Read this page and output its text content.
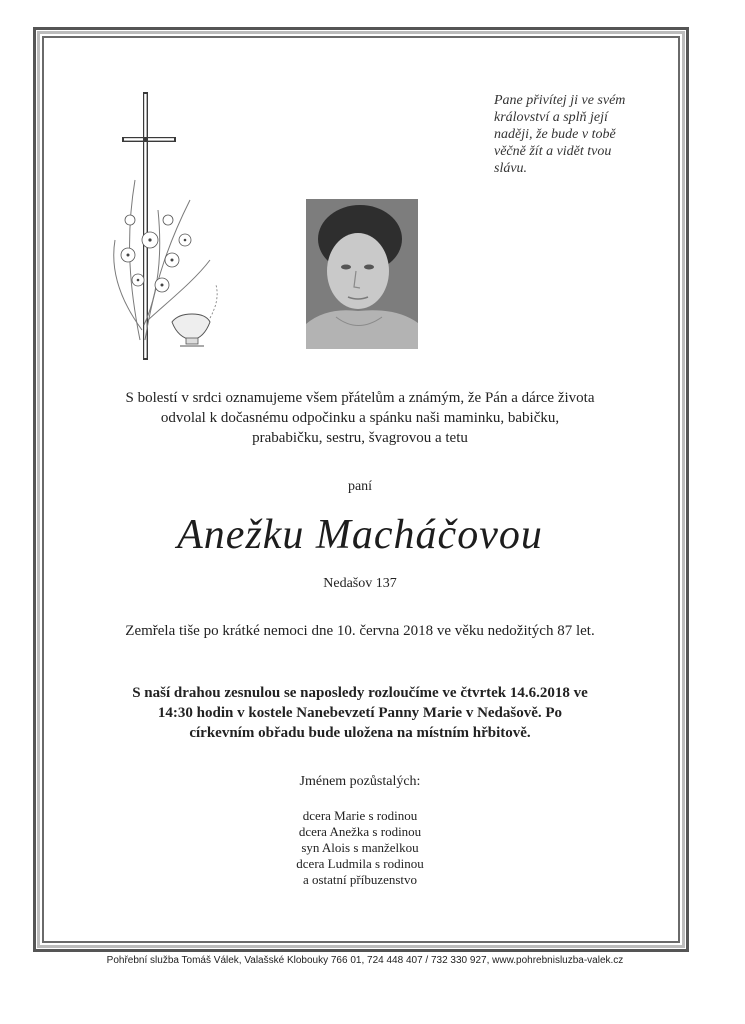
Pane přivítej ji ve svém
království a splň její
naději, že bude v tobě
věčně žít a vidět tvou
slávu.
S bolestí v srdci oznamujeme všem přátelům a známým, že Pán a dárce života
odvolal k dočasnému odpočinku a spánku naši maminku, babičku,
prababičku, sestru, švagrovou a tetu
paní
Anežku Macháčovou
Nedašov 137
Zemřela tiše po krátké nemoci dne 10. června 2018 ve věku nedožitých 87 let.
S naší drahou zesnulou se naposledy rozloučíme ve čtvrtek 14.6.2018 ve
14:30 hodin v kostele Nanebevzetí Panny Marie v Nedašově. Po
církevním obřadu bude uložena na místním hřbitově.
Jménem pozůstalých:
dcera Marie s rodinou
dcera Anežka s rodinou
syn Alois s manželkou
dcera Ludmila s rodinou
a ostatní příbuzenstvo
Pohřební služba Tomáš Válek, Valašské Klobouky 766 01, 724 448 407 / 732 330 927, www.pohrebnisluzba-valek.cz
